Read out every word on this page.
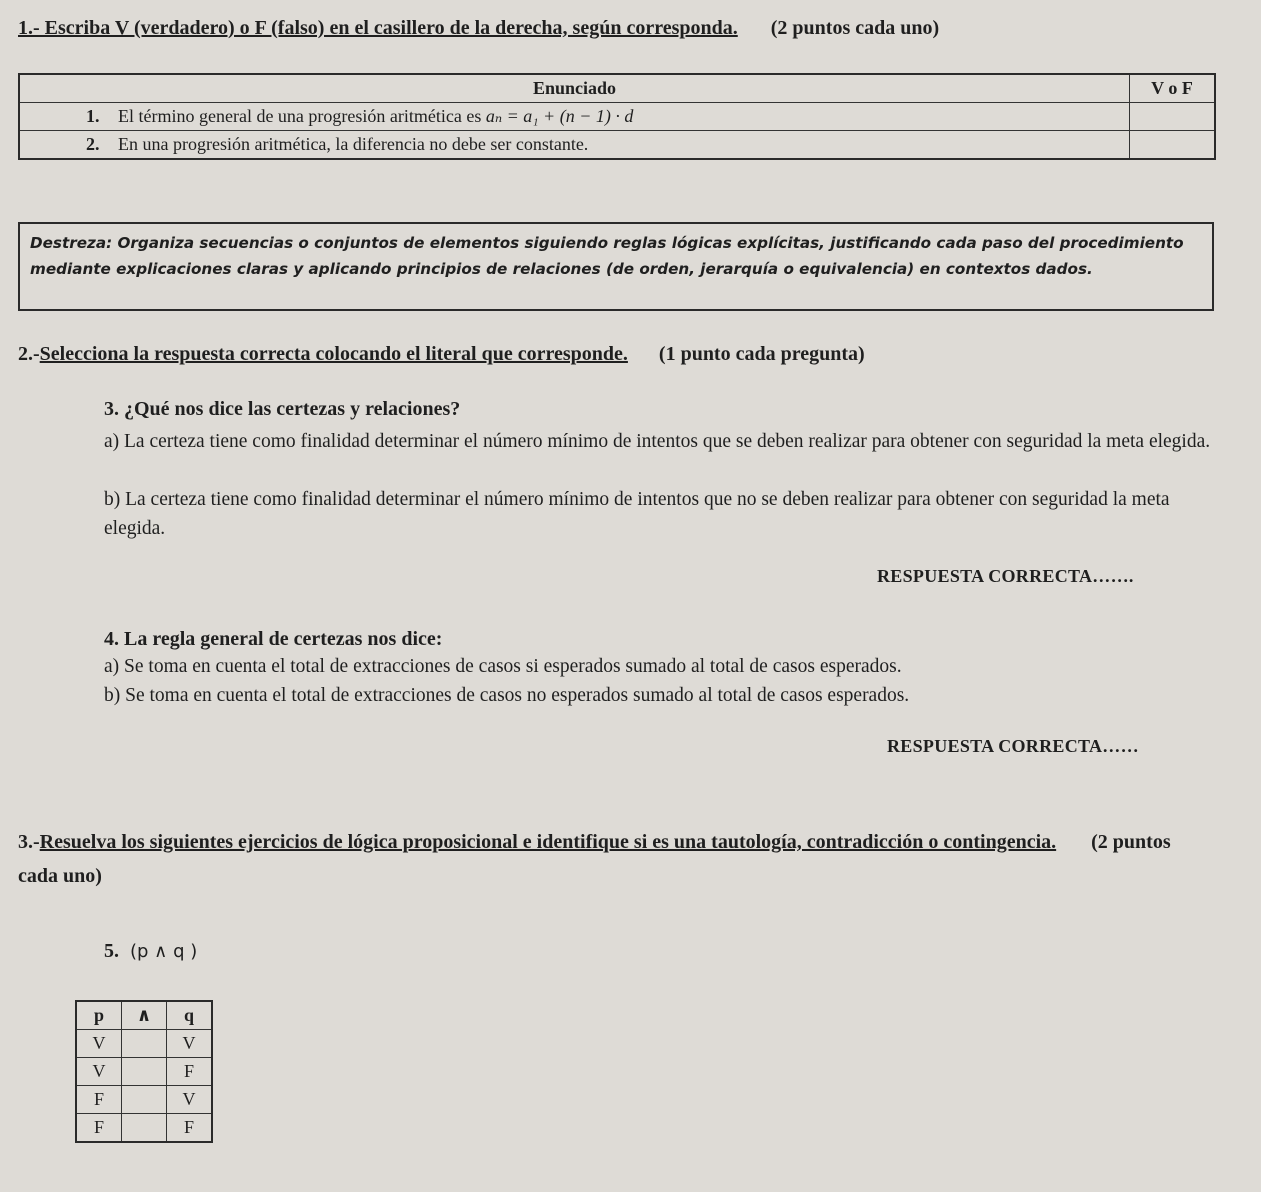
1.- Escriba V (verdadero) o F (falso) en el casillero de la derecha, según corresponda. (2 puntos cada uno)
Enunciado	V o F
1. El término general de una progresión aritmética es aₙ = a₁ + (n − 1) · d	
2. En una progresión aritmética, la diferencia no debe ser constante.	
Destreza: Organiza secuencias o conjuntos de elementos siguiendo reglas lógicas explícitas, justificando cada paso del procedimiento mediante explicaciones claras y aplicando principios de relaciones (de orden, jerarquía o equivalencia) en contextos dados.
2.-Selecciona la respuesta correcta colocando el literal que corresponde. (1 punto cada pregunta)
3. ¿Qué nos dice las certezas y relaciones?
a) La certeza tiene como finalidad determinar el número mínimo de intentos que se deben realizar para obtener con seguridad la meta elegida.
b) La certeza tiene como finalidad determinar el número mínimo de intentos que no se deben realizar para obtener con seguridad la meta elegida.
RESPUESTA CORRECTA…….
4. La regla general de certezas nos dice:
a) Se toma en cuenta el total de extracciones de casos si esperados sumado al total de casos esperados.
b) Se toma en cuenta el total de extracciones de casos no esperados sumado al total de casos esperados.
RESPUESTA CORRECTA……
3.-Resuelva los siguientes ejercicios de lógica proposicional e identifique si es una tautología, contradicción o contingencia. (2 puntos cada uno)
5. (p ∧ q )
p	∧	q
V		V
V		F
F		V
F		F
